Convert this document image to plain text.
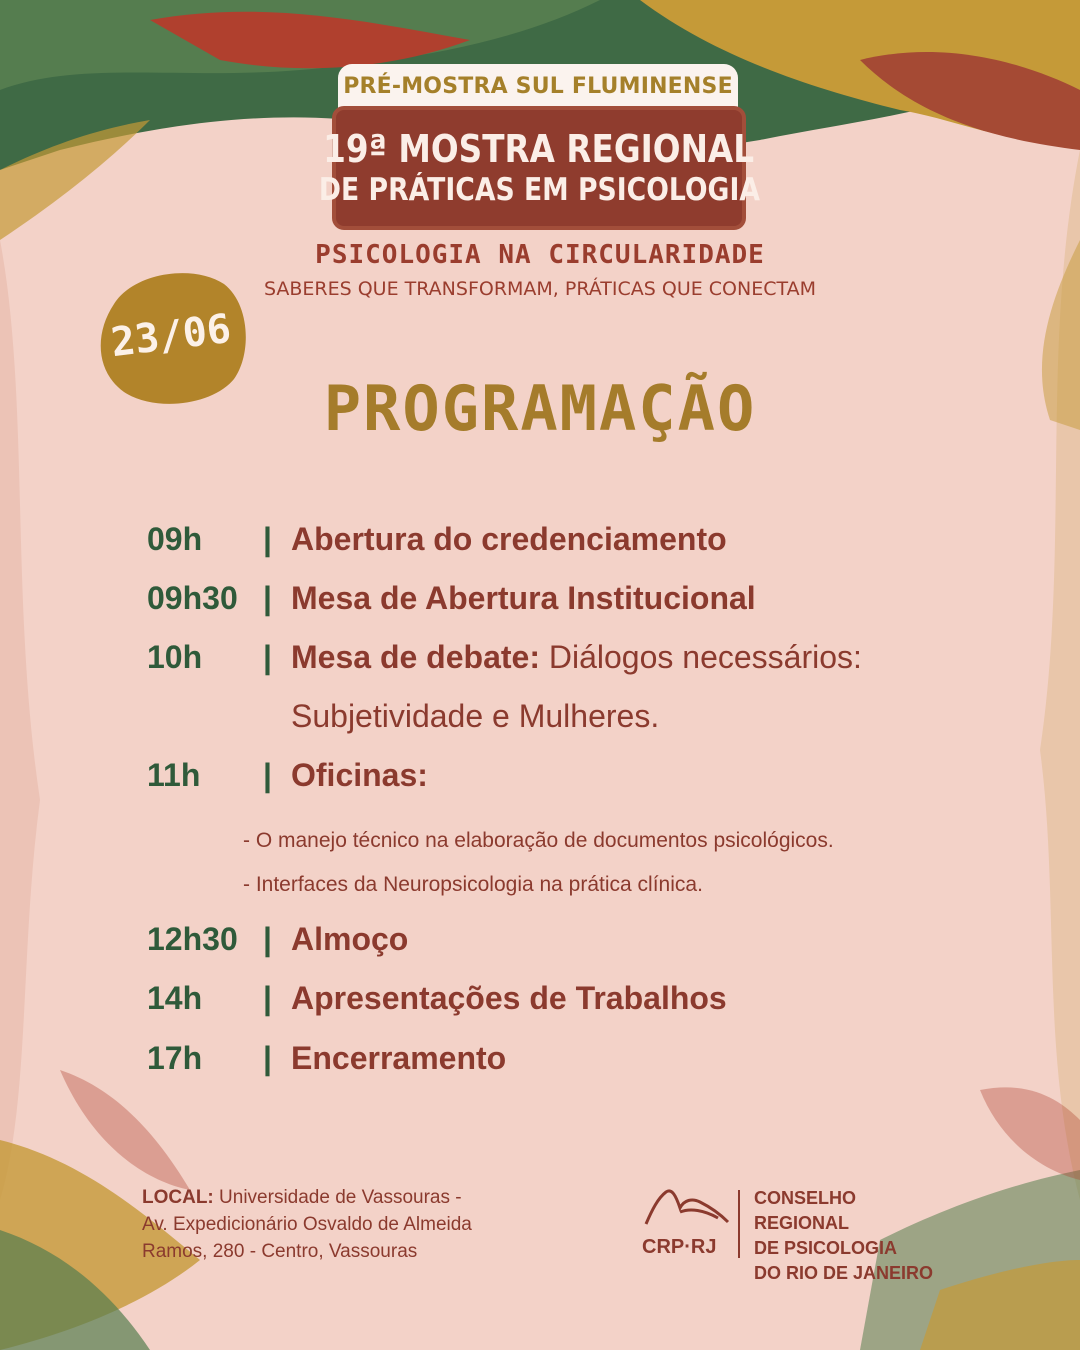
PRÉ-MOSTRA SUL FLUMINENSE
19ª MOSTRA REGIONAL
DE PRÁTICAS EM PSICOLOGIA
PSICOLOGIA NA CIRCULARIDADE
SABERES QUE TRANSFORMAM, PRÁTICAS QUE CONECTAM
23/06
PROGRAMAÇÃO
09h | Abertura do credenciamento
09h30 | Mesa de Abertura Institucional
10h | Mesa de debate: Diálogos necessários:
Subjetividade e Mulheres.
11h | Oficinas:
- O manejo técnico na elaboração de documentos psicológicos.
- Interfaces da Neuropsicologia na prática clínica.
12h30 | Almoço
14h | Apresentações de Trabalhos
17h | Encerramento
LOCAL: Universidade de Vassouras -
Av. Expedicionário Osvaldo de Almeida
Ramos, 280 - Centro, Vassouras	CRP·RJ
CONSELHO REGIONAL
DE PSICOLOGIA
DO RIO DE JANEIRO
